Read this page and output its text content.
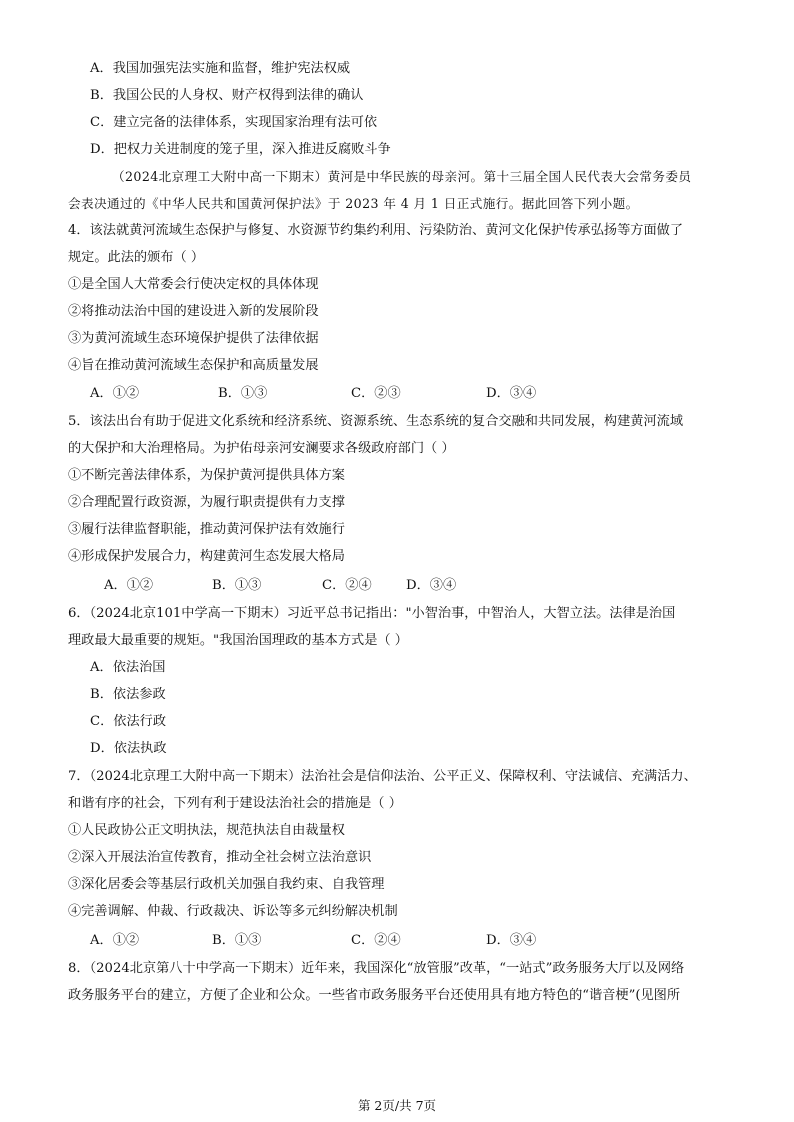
A．我国加强宪法实施和监督，维护宪法权威
B．我国公民的人身权、财产权得到法律的确认
C．建立完备的法律体系，实现国家治理有法可依
D．把权力关进制度的笼子里，深入推进反腐败斗争
（2024北京理工大附中高一下期末）黄河是中华民族的母亲河。第十三届全国人民代表大会常务委员
会表决通过的《中华人民共和国黄河保护法》于 2023 年 4 月 1 日正式施行。据此回答下列小题。
4．该法就黄河流域生态保护与修复、水资源节约集约利用、污染防治、黄河文化保护传承弘扬等方面做了
规定。此法的颁布（ ）
①是全国人大常委会行使决定权的具体体现
②将推动法治中国的建设进入新的发展阶段
③为黄河流域生态环境保护提供了法律依据
④旨在推动黄河流域生态保护和高质量发展
A．①②	B．①③	C．②③	D．③④
5．该法出台有助于促进文化系统和经济系统、资源系统、生态系统的复合交融和共同发展，构建黄河流域
的大保护和大治理格局。为护佑母亲河安澜要求各级政府部门（ ）
①不断完善法律体系，为保护黄河提供具体方案
②合理配置行政资源，为履行职责提供有力支撑
③履行法律监督职能，推动黄河保护法有效施行
④形成保护发展合力，构建黄河生态发展大格局
A．①②	B．①③	C．②④	D．③④
6．（2024北京101中学高一下期末）习近平总书记指出："小智治事，中智治人，大智立法。法律是治国
理政最大最重要的规矩。"我国治国理政的基本方式是（ ）
A．依法治国
B．依法参政
C．依法行政
D．依法执政
7．（2024北京理工大附中高一下期末）法治社会是信仰法治、公平正义、保障权利、守法诚信、充满活力、
和谐有序的社会，下列有利于建设法治社会的措施是（ ）
①人民政协公正文明执法，规范执法自由裁量权
②深入开展法治宣传教育，推动全社会树立法治意识
③深化居委会等基层行政机关加强自我约束、自我管理
④完善调解、仲裁、行政裁决、诉讼等多元纠纷解决机制
A．①②	B．①③	C．②④	D．③④
8．（2024北京第八十中学高一下期末）近年来，我国深化“放管服”改革，“一站式”政务服务大厅以及网络
政务服务平台的建立，方便了企业和公众。一些省市政务服务平台还使用具有地方特色的“谐音梗”(见图所
第 2页/共 7页
